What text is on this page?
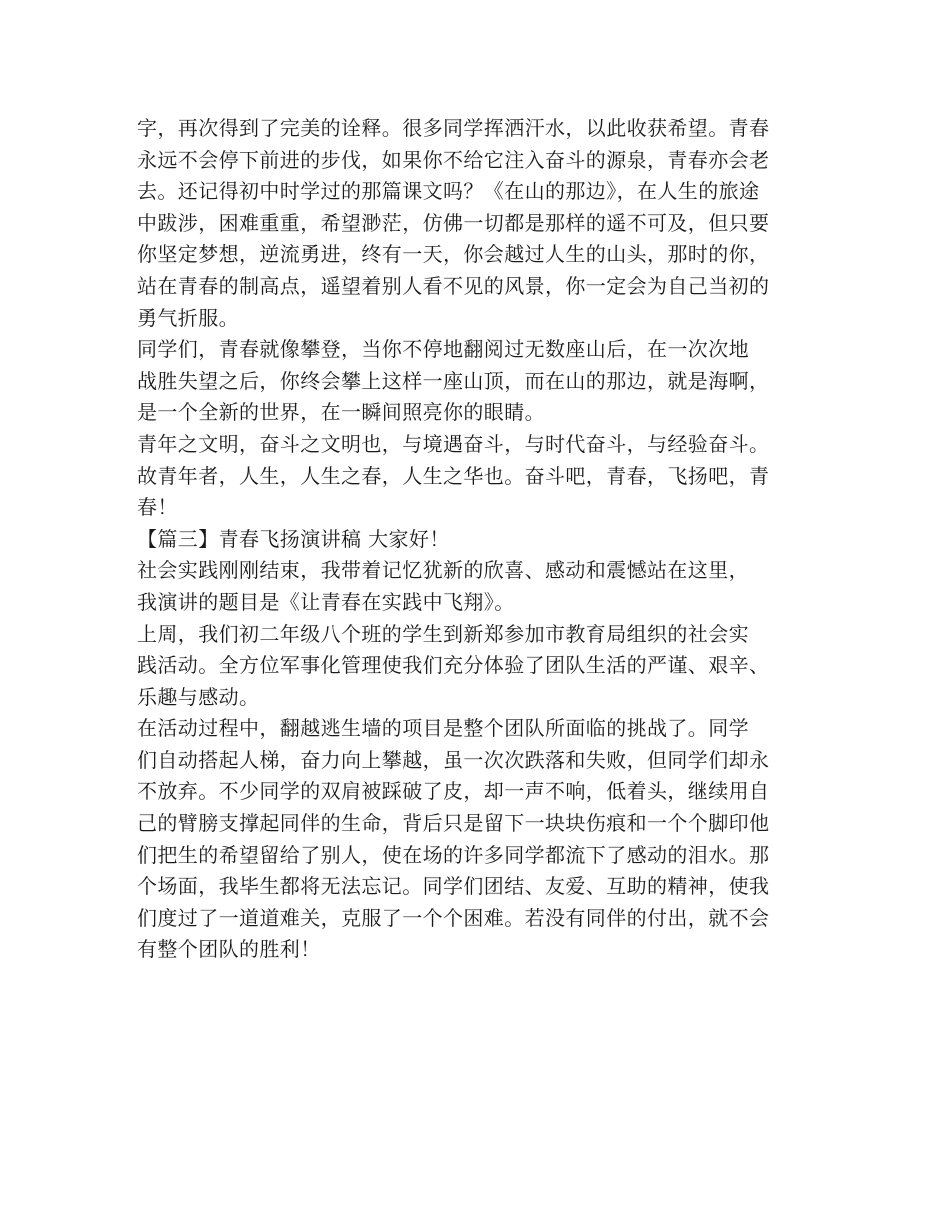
字，再次得到了完美的诠释。很多同学挥洒汗水，以此收获希望。青春
永远不会停下前进的步伐，如果你不给它注入奋斗的源泉，青春亦会老
去。还记得初中时学过的那篇课文吗？《在山的那边》，在人生的旅途
中跋涉，困难重重，希望渺茫，仿佛一切都是那样的遥不可及，但只要
你坚定梦想，逆流勇进，终有一天，你会越过人生的山头，那时的你，
站在青春的制高点，遥望着别人看不见的风景，你一定会为自己当初的
勇气折服。
同学们，青春就像攀登，当你不停地翻阅过无数座山后，在一次次地
战胜失望之后，你终会攀上这样一座山顶，而在山的那边，就是海啊，
是一个全新的世界，在一瞬间照亮你的眼睛。
青年之文明，奋斗之文明也，与境遇奋斗，与时代奋斗，与经验奋斗。
故青年者，人生，人生之春，人生之华也。奋斗吧，青春，飞扬吧，青
春！
【篇三】青春飞扬演讲稿 大家好！
社会实践刚刚结束，我带着记忆犹新的欣喜、感动和震憾站在这里，
我演讲的题目是《让青春在实践中飞翔》。
上周，我们初二年级八个班的学生到新郑参加市教育局组织的社会实
践活动。全方位军事化管理使我们充分体验了团队生活的严谨、艰辛、
乐趣与感动。
在活动过程中，翻越逃生墙的项目是整个团队所面临的挑战了。同学
们自动搭起人梯，奋力向上攀越，虽一次次跌落和失败，但同学们却永
不放弃。不少同学的双肩被踩破了皮，却一声不响，低着头，继续用自
己的臂膀支撑起同伴的生命，背后只是留下一块块伤痕和一个个脚印他
们把生的希望留给了别人，使在场的许多同学都流下了感动的泪水。那
个场面，我毕生都将无法忘记。同学们团结、友爱、互助的精神，使我
们度过了一道道难关，克服了一个个困难。若没有同伴的付出，就不会
有整个团队的胜利！
